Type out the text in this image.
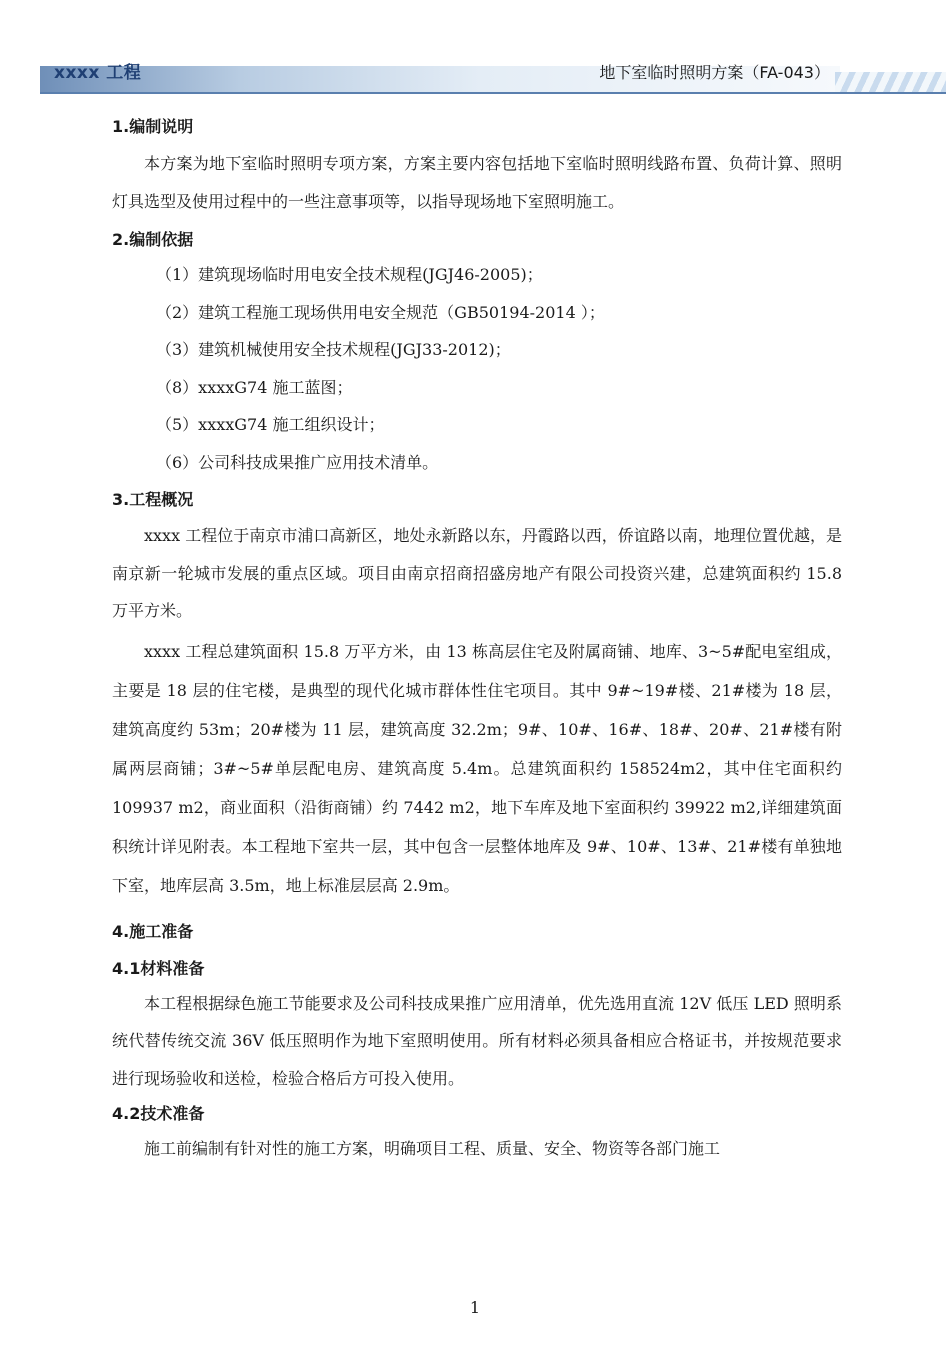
xxxx 工程	地下室临时照明方案（FA-043）

1.编制说明

本方案为地下室临时照明专项方案，方案主要内容包括地下室临时照明线路布置、负荷计算、照明灯具选型及使用过程中的一些注意事项等，以指导现场地下室照明施工。

2.编制依据

（1）建筑现场临时用电安全技术规程(JGJ46-2005)；

（2）建筑工程施工现场供用电安全规范（GB50194-2014 ）；

（3）建筑机械使用安全技术规程(JGJ33-2012)；

（8）xxxxG74 施工蓝图；

（5）xxxxG74 施工组织设计；

（6）公司科技成果推广应用技术清单。

3.工程概况

xxxx 工程位于南京市浦口高新区，地处永新路以东，丹霞路以西，侨谊路以南，地理位置优越，是南京新一轮城市发展的重点区域。项目由南京招商招盛房地产有限公司投资兴建，总建筑面积约 15.8 万平方米。

xxxx 工程总建筑面积 15.8 万平方米，由 13 栋高层住宅及附属商铺、地库、3~5#配电室组成，主要是 18 层的住宅楼，是典型的现代化城市群体性住宅项目。其中 9#~19#楼、21#楼为 18 层，建筑高度约 53m；20#楼为 11 层，建筑高度 32.2m；9#、10#、16#、18#、20#、21#楼有附属两层商铺；3#~5#单层配电房、建筑高度 5.4m。总建筑面积约 158524m2，其中住宅面积约 109937 m2，商业面积（沿街商铺）约 7442 m2，地下车库及地下室面积约 39922 m2,详细建筑面积统计详见附表。本工程地下室共一层，其中包含一层整体地库及 9#、10#、13#、21#楼有单独地下室，地库层高 3.5m，地上标准层层高 2.9m。

4.施工准备

4.1材料准备

本工程根据绿色施工节能要求及公司科技成果推广应用清单，优先选用直流 12V 低压 LED 照明系统代替传统交流 36V 低压照明作为地下室照明使用。所有材料必须具备相应合格证书，并按规范要求进行现场验收和送检，检验合格后方可投入使用。

4.2技术准备

施工前编制有针对性的施工方案，明确项目工程、质量、安全、物资等各部门施工

1
